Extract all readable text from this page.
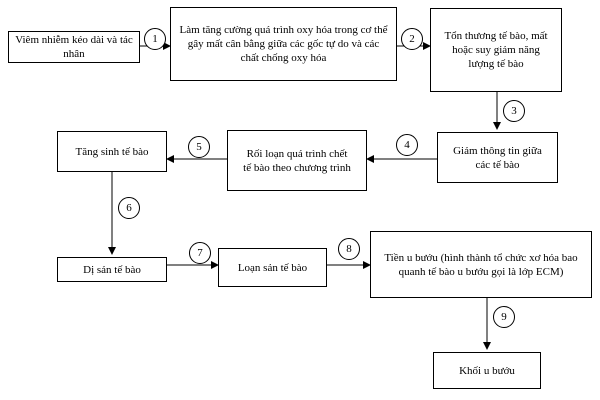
Viêm nhiễm kéo dài và tác nhân
Làm tăng cường quá trình oxy hóa trong cơ thể gây mất cân bằng giữa các gốc tự do và các chất chống oxy hóa
Tổn thương tế bào, mất hoặc suy giảm năng lượng tế bào
Giảm thông tin giữa các tế bào
Rối loạn quá trình chết tế bào theo chương trình
Tăng sinh tế bào
Dị sản tế bào	Loạn sản tế bào
Tiền u bướu (hình thành tổ chức xơ hóa bao quanh tế bào u bướu gọi là lớp ECM)
Khối u bướu
1	2
3
4
5
6
7	8
9
